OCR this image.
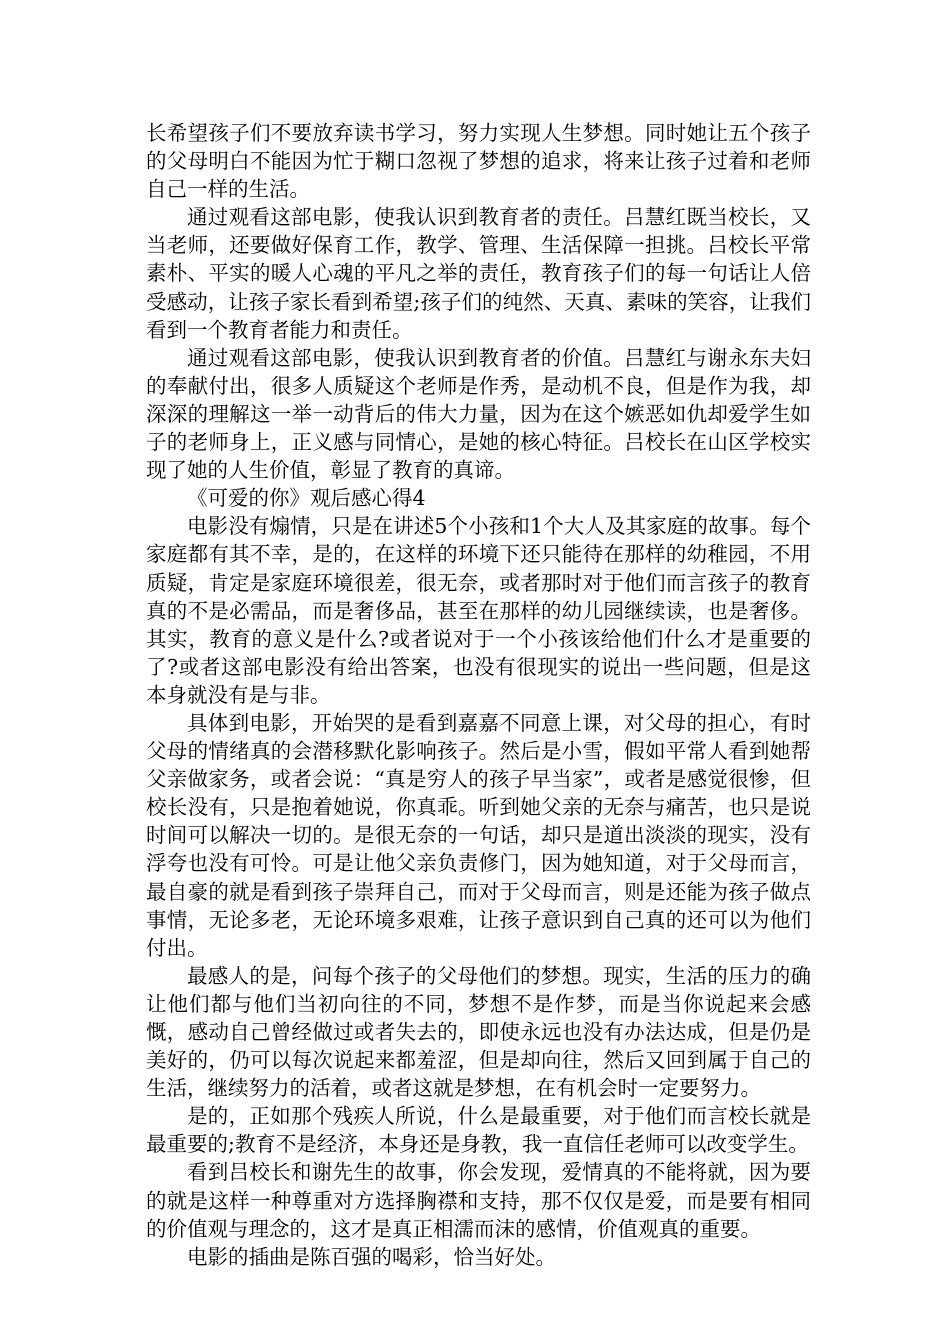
长希望孩子们不要放弃读书学习，努力实现人生梦想。同时她让五个孩子的父母明白不能因为忙于糊口忽视了梦想的追求，将来让孩子过着和老师自己一样的生活。

通过观看这部电影，使我认识到教育者的责任。吕慧红既当校长，又当老师，还要做好保育工作，教学、管理、生活保障一担挑。吕校长平常素朴、平实的暖人心魂的平凡之举的责任，教育孩子们的每一句话让人倍受感动，让孩子家长看到希望;孩子们的纯然、天真、素味的笑容，让我们看到一个教育者能力和责任。

通过观看这部电影，使我认识到教育者的价值。吕慧红与谢永东夫妇的奉献付出，很多人质疑这个老师是作秀，是动机不良，但是作为我，却深深的理解这一举一动背后的伟大力量，因为在这个嫉恶如仇却爱学生如子的老师身上，正义感与同情心，是她的核心特征。吕校长在山区学校实现了她的人生价值，彰显了教育的真谛。

《可爱的你》观后感心得4

电影没有煽情，只是在讲述5个小孩和1个大人及其家庭的故事。每个家庭都有其不幸，是的，在这样的环境下还只能待在那样的幼稚园，不用质疑，肯定是家庭环境很差，很无奈，或者那时对于他们而言孩子的教育真的不是必需品，而是奢侈品，甚至在那样的幼儿园继续读，也是奢侈。其实，教育的意义是什么?或者说对于一个小孩该给他们什么才是重要的了?或者这部电影没有给出答案，也没有很现实的说出一些问题，但是这本身就没有是与非。

具体到电影，开始哭的是看到嘉嘉不同意上课，对父母的担心，有时父母的情绪真的会潜移默化影响孩子。然后是小雪，假如平常人看到她帮父亲做家务，或者会说：“真是穷人的孩子早当家”，或者是感觉很惨，但校长没有，只是抱着她说，你真乖。听到她父亲的无奈与痛苦，也只是说时间可以解决一切的。是很无奈的一句话，却只是道出淡淡的现实，没有浮夸也没有可怜。可是让他父亲负责修门，因为她知道，对于父母而言，最自豪的就是看到孩子崇拜自己，而对于父母而言，则是还能为孩子做点事情，无论多老，无论环境多艰难，让孩子意识到自己真的还可以为他们付出。

最感人的是，问每个孩子的父母他们的梦想。现实，生活的压力的确让他们都与他们当初向往的不同，梦想不是作梦，而是当你说起来会感慨，感动自己曾经做过或者失去的，即使永远也没有办法达成，但是仍是美好的，仍可以每次说起来都羞涩，但是却向往，然后又回到属于自己的生活，继续努力的活着，或者这就是梦想，在有机会时一定要努力。

是的，正如那个残疾人所说，什么是最重要，对于他们而言校长就是最重要的;教育不是经济，本身还是身教，我一直信任老师可以改变学生。

看到吕校长和谢先生的故事，你会发现，爱情真的不能将就，因为要的就是这样一种尊重对方选择胸襟和支持，那不仅仅是爱，而是要有相同的价值观与理念的，这才是真正相濡而沫的感情，价值观真的重要。

电影的插曲是陈百强的喝彩，恰当好处。
